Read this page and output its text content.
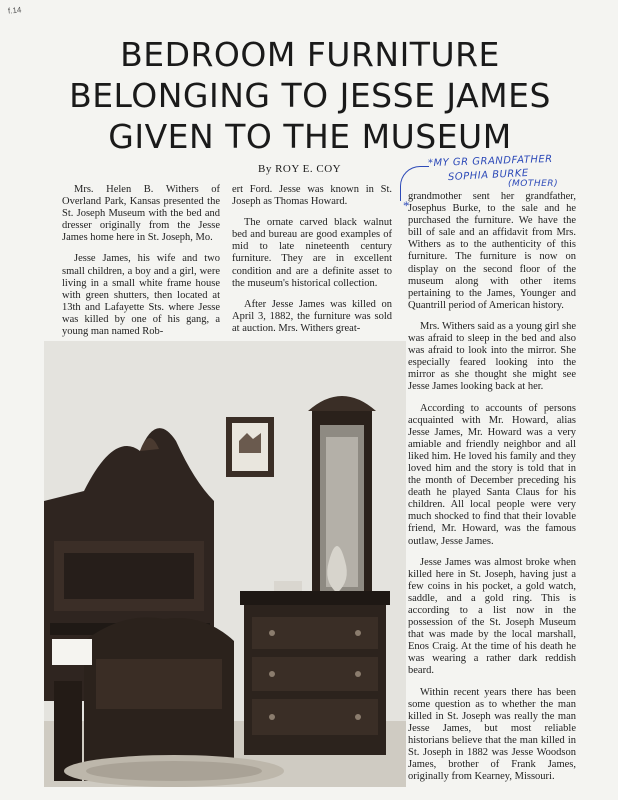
f.14
BEDROOM FURNITURE
BELONGING TO JESSE JAMES
GIVEN TO THE MUSEUM
By ROY E. COY	*MY GR GRANDFATHER
SOPHIA BURKE
(MOTHER)
*

Mrs. Helen B. Withers of Overland Park, Kansas presented the St. Joseph Museum with the bed and dresser originally from the Jesse James home here in St. Joseph, Mo.

Jesse James, his wife and two small children, a boy and a girl, were living in a small white frame house with green shutters, then located at 13th and Lafayette Sts. where Jesse was killed by one of his gang, a young man named Rob-

ert Ford. Jesse was known in St. Joseph as Thomas Howard.

The ornate carved black walnut bed and bureau are good examples of mid to late nineteenth century furniture. They are in excellent condition and are a definite asset to the museum's historical collection.

After Jesse James was killed on April 3, 1882, the furniture was sold at auction. Mrs. Withers great-

grandmother sent her grandfather, Josephus Burke, to the sale and he purchased the furniture. We have the bill of sale and an affidavit from Mrs. Withers as to the authenticity of this furniture. The furniture is now on display on the second floor of the museum along with other items pertaining to the James, Younger and Quantrill period of American history.

Mrs. Withers said as a young girl she was afraid to sleep in the bed and also was afraid to look into the mirror. She especially feared looking into the mirror as she thought she might see Jesse James looking back at her.

According to accounts of persons acquainted with Mr. Howard, alias Jesse James, Mr. Howard was a very amiable and friendly neighbor and all liked him. He loved his family and they loved him and the story is told that in the month of December preceding his death he played Santa Claus for his children. All local people were very much shocked to find that their lovable friend, Mr. Howard, was the famous outlaw, Jesse James.

Jesse James was almost broke when killed here in St. Joseph, having just a few coins in his pocket, a gold watch, saddle, and a gold ring. This is according to a list now in the possession of the St. Joseph Museum that was made by the local marshall, Enos Craig. At the time of his death he was wearing a rather dark reddish beard.

Within recent years there has been some question as to whether the man killed in St. Joseph was really the man Jesse James, but most reliable historians believe that the man killed in St. Joseph in 1882 was Jesse Woodson James, brother of Frank James, originally from Kearney, Missouri.
